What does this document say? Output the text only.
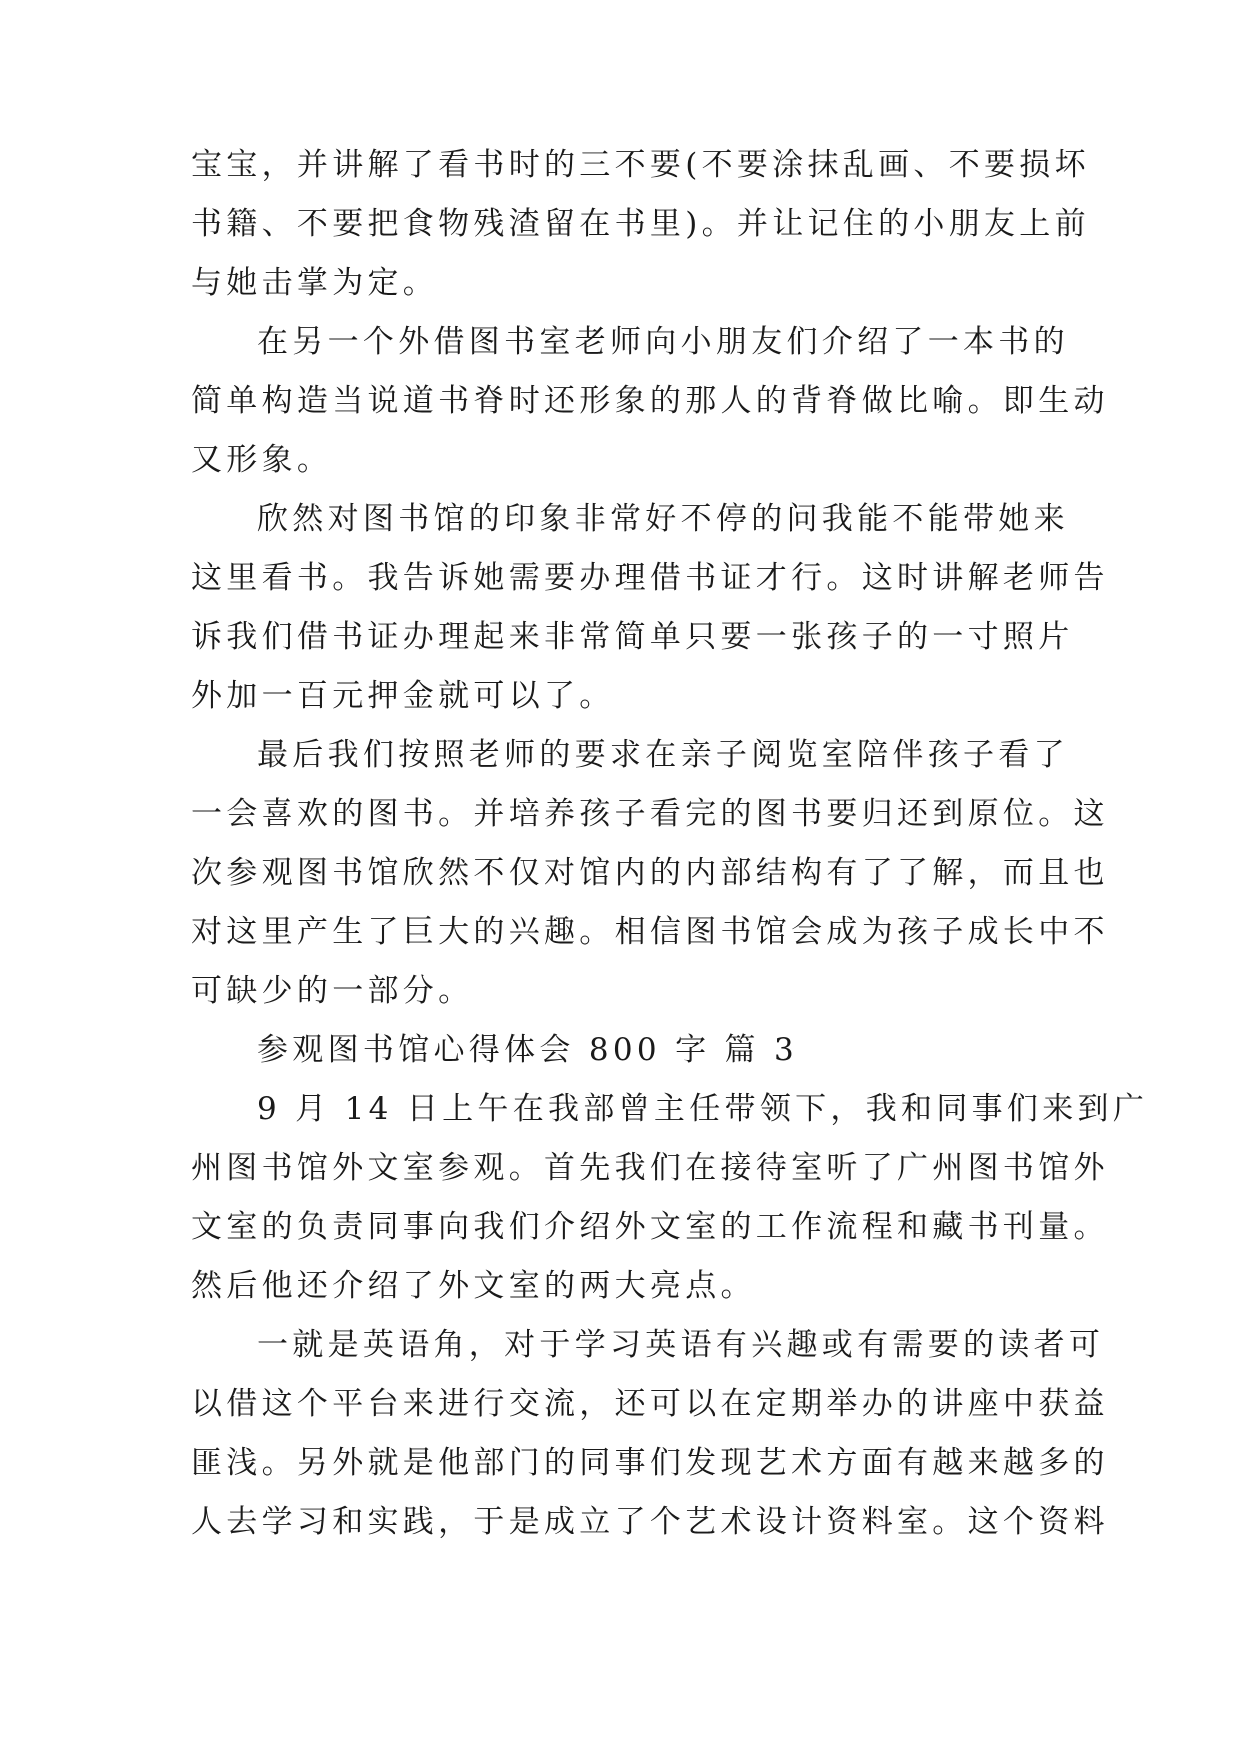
宝宝，并讲解了看书时的三不要(不要涂抹乱画、不要损坏
书籍、不要把食物残渣留在书里)。并让记住的小朋友上前
与她击掌为定。
在另一个外借图书室老师向小朋友们介绍了一本书的
简单构造当说道书脊时还形象的那人的背脊做比喻。即生动
又形象。
欣然对图书馆的印象非常好不停的问我能不能带她来
这里看书。我告诉她需要办理借书证才行。这时讲解老师告
诉我们借书证办理起来非常简单只要一张孩子的一寸照片
外加一百元押金就可以了。
最后我们按照老师的要求在亲子阅览室陪伴孩子看了
一会喜欢的图书。并培养孩子看完的图书要归还到原位。这
次参观图书馆欣然不仅对馆内的内部结构有了了解，而且也
对这里产生了巨大的兴趣。相信图书馆会成为孩子成长中不
可缺少的一部分。
参观图书馆心得体会 800 字 篇 3
9 月 14 日上午在我部曾主任带领下，我和同事们来到广
州图书馆外文室参观。首先我们在接待室听了广州图书馆外
文室的负责同事向我们介绍外文室的工作流程和藏书刊量。
然后他还介绍了外文室的两大亮点。
一就是英语角，对于学习英语有兴趣或有需要的读者可
以借这个平台来进行交流，还可以在定期举办的讲座中获益
匪浅。另外就是他部门的同事们发现艺术方面有越来越多的
人去学习和实践，于是成立了个艺术设计资料室。这个资料
